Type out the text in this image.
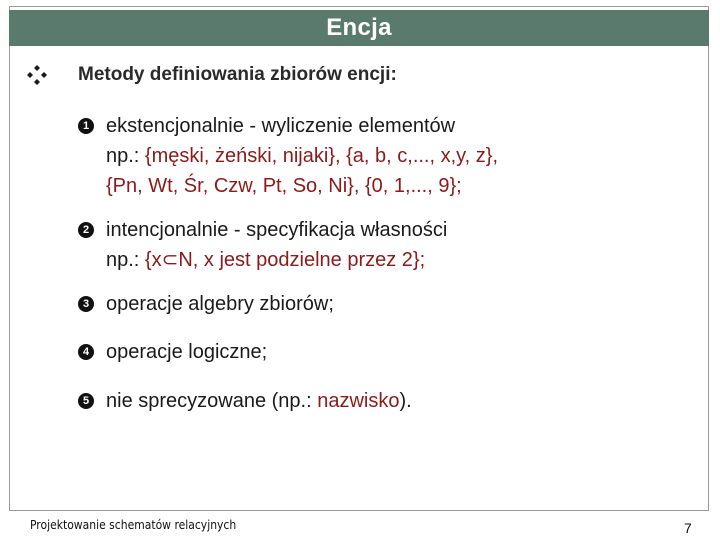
Encja
Metody definiowania zbiorów encji:
1 ekstencjonalnie - wyliczenie elementów
np.: {męski, żeński, nijaki}, {a, b, c,..., x,y, z},
{Pn, Wt, Śr, Czw, Pt, So, Ni}, {0, 1,..., 9};
2 intencjonalnie - specyfikacja własności
np.: {x⊂N, x jest podzielne przez 2};
3 operacje algebry zbiorów;
4 operacje logiczne;
5 nie sprecyzowane (np.: nazwisko).
Projektowanie schematów relacyjnych	7
